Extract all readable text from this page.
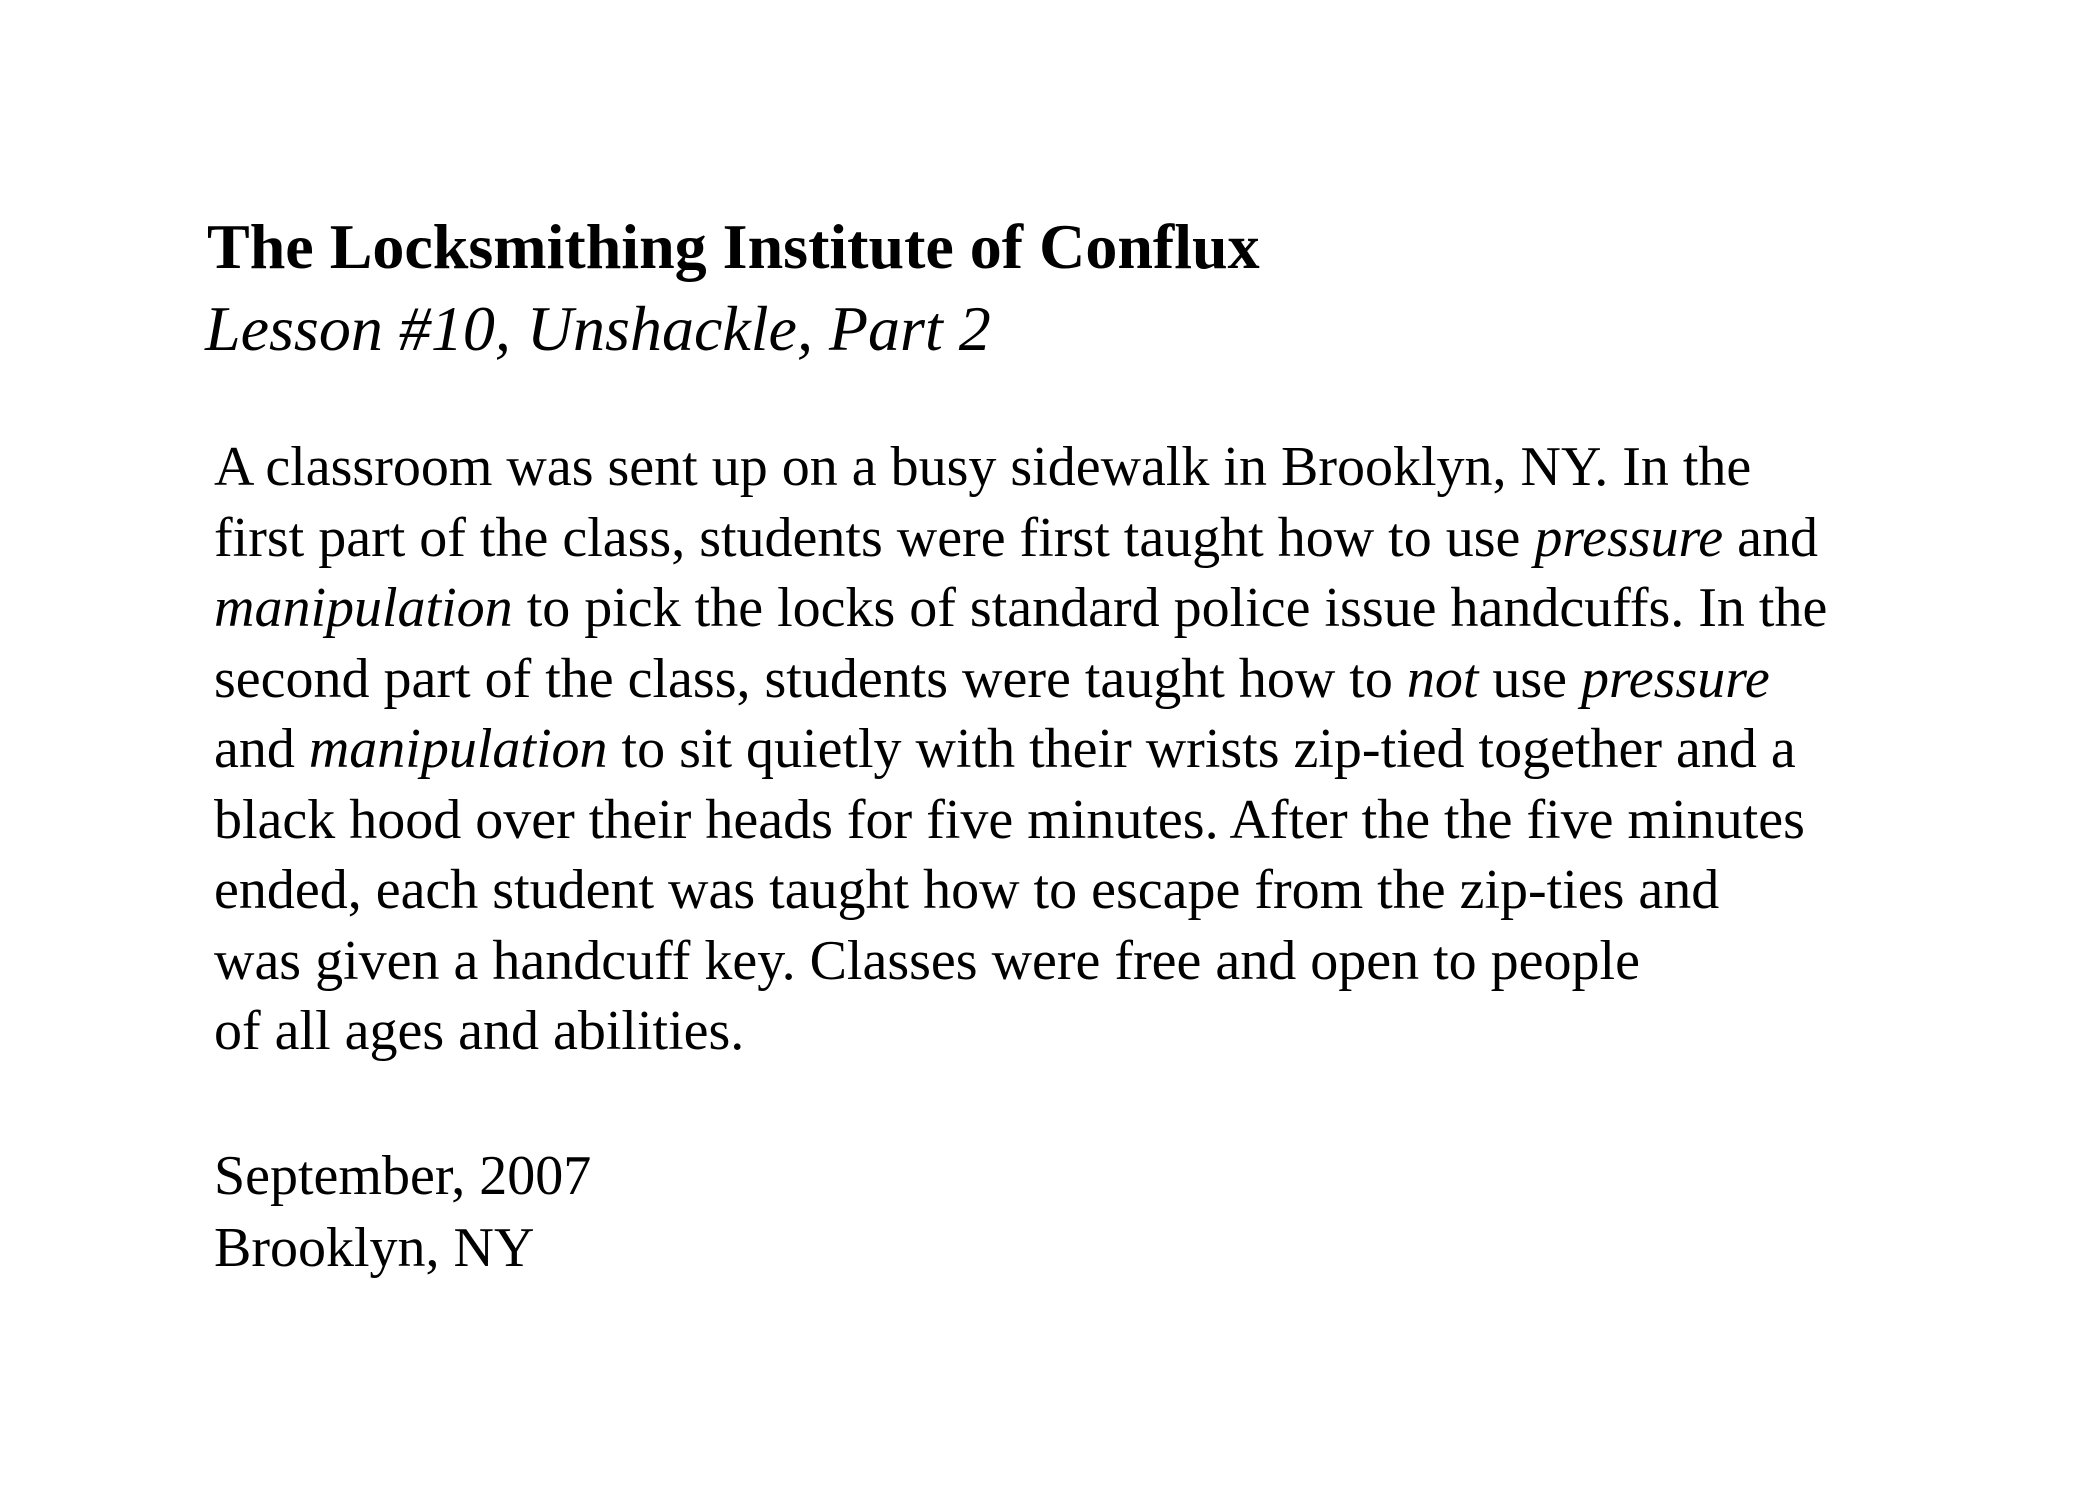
The Locksmithing Institute of Conflux
Lesson #10, Unshackle, Part 2
A classroom was sent up on a busy sidewalk in Brooklyn, NY. In the
first part of the class, students were first taught how to use pressure and
manipulation to pick the locks of standard police issue handcuffs. In the
second part of the class, students were taught how to not use pressure
and manipulation to sit quietly with their wrists zip-tied together and a
black hood over their heads for five minutes. After the the five minutes
ended, each student was taught how to escape from the zip-ties and
was given a handcuff key. Classes were free and open to people
of all ages and abilities.
September, 2007
Brooklyn, NY
